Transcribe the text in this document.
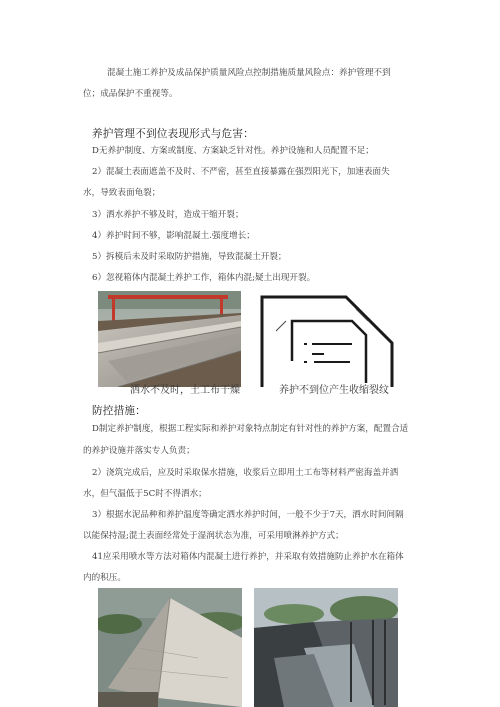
混凝土施工养护及成品保护质量风险点控制措施质量风险点：养护管理不到
位；成品保护不重视等。
养护管理不到位表现形式与危害：
D无养护制度、方案或制度、方案缺乏针对性。养护设施和人员配置不足；
2）混凝土表面遮盖不及时、不严密，甚至直接暴露在强烈阳光下，加速表面失
水，导致表面龟裂；
3）洒水养护不够及时，造成干缩开裂；
4）养护时间不够，影响混凝土.强度增长；
5）拆模后未及时采取防护措施，导致混凝土开裂；
6）忽视箱体内混凝土养护工作，箱体内混;疑土出现开裂。
洒水不及时，土工布干燥	养护不到位产生收缩裂纹
防控措施：
D制定养护制度，根据工程实际和养护对象特点制定有针对性的养护方案，配置合适
的养护设施并落实专人负责；
2）浇筑完成后，应及时采取保水措施，收浆后立即用土工布等材料严密海盖并洒
水，但气温低于5C时不得洒水；
3）根据水泥品种和养护温度等确定洒水养护时间，一般不少于7天，洒水时间间隔
以能保持湿;混土表面经常处于湿润状态为准，可采用喷淋养护方式；
41应采用喷水等方法对箱体内混凝土进行养护，并采取有效措施防止养护水在箱体
内的积压。
